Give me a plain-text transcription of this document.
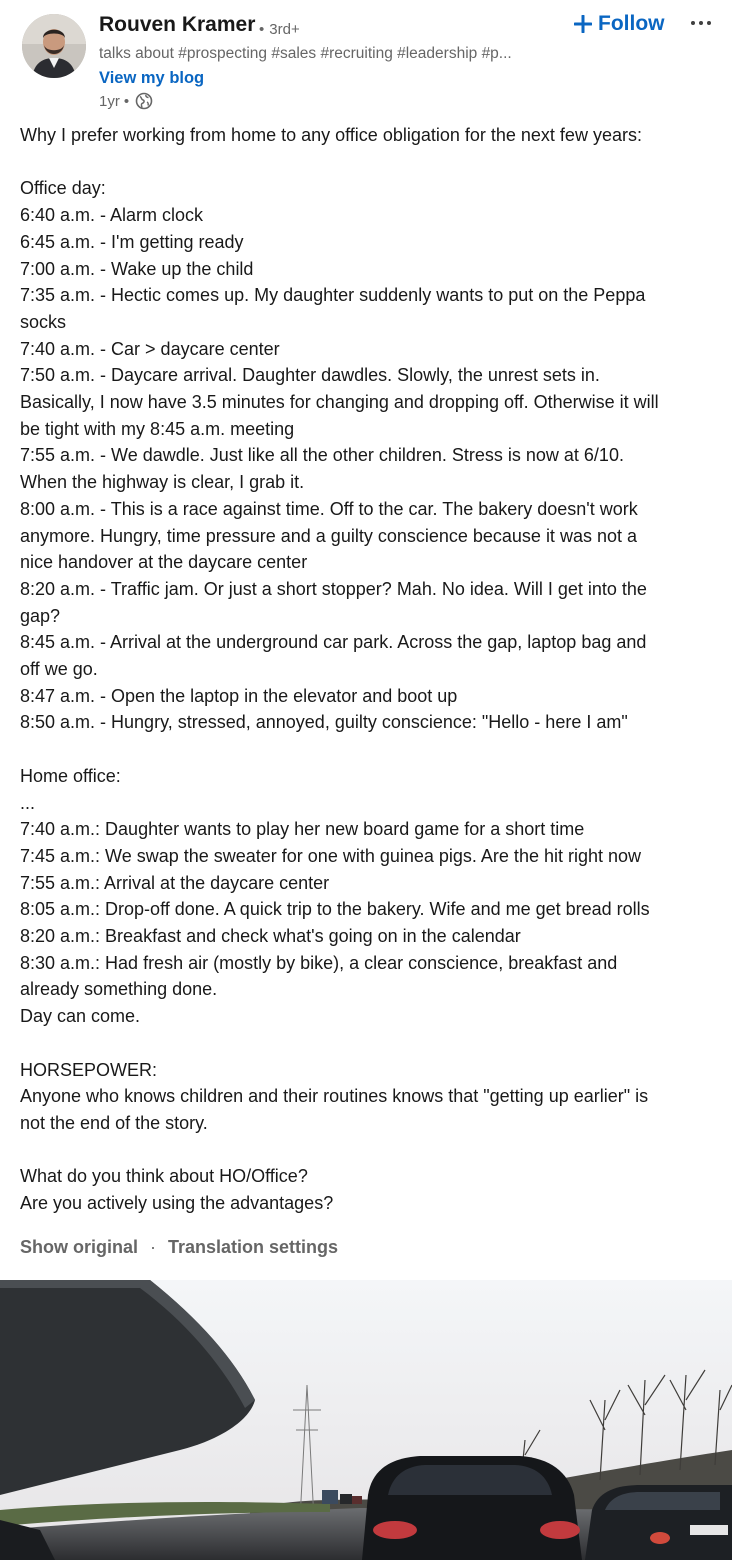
Rouven Kramer • 3rd+
talks about #prospecting #sales #recruiting #leadership #p...
View my blog
1yr •
Follow
Why I prefer working from home to any office obligation for the next few years:
Office day:
6:40 a.m. - Alarm clock
6:45 a.m. - I'm getting ready
7:00 a.m. - Wake up the child
7:35 a.m. - Hectic comes up. My daughter suddenly wants to put on the Peppa
socks
7:40 a.m. - Car > daycare center
7:50 a.m. - Daycare arrival. Daughter dawdles. Slowly, the unrest sets in.
Basically, I now have 3.5 minutes for changing and dropping off. Otherwise it will
be tight with my 8:45 a.m. meeting
7:55 a.m. - We dawdle. Just like all the other children. Stress is now at 6/10.
When the highway is clear, I grab it.
8:00 a.m. - This is a race against time. Off to the car. The bakery doesn't work
anymore. Hungry, time pressure and a guilty conscience because it was not a
nice handover at the daycare center
8:20 a.m. - Traffic jam. Or just a short stopper? Mah. No idea. Will I get into the
gap?
8:45 a.m. - Arrival at the underground car park. Across the gap, laptop bag and
off we go.
8:47 a.m. - Open the laptop in the elevator and boot up
8:50 a.m. - Hungry, stressed, annoyed, guilty conscience: "Hello - here I am"
Home office:
...
7:40 a.m.: Daughter wants to play her new board game for a short time
7:45 a.m.: We swap the sweater for one with guinea pigs. Are the hit right now
7:55 a.m.: Arrival at the daycare center
8:05 a.m.: Drop-off done. A quick trip to the bakery. Wife and me get bread rolls
8:20 a.m.: Breakfast and check what's going on in the calendar
8:30 a.m.: Had fresh air (mostly by bike), a clear conscience, breakfast and
already something done.
Day can come.
HORSEPOWER:
Anyone who knows children and their routines knows that "getting up earlier" is
not the end of the story.
What do you think about HO/Office?
Are you actively using the advantages?
Show original · Translation settings
